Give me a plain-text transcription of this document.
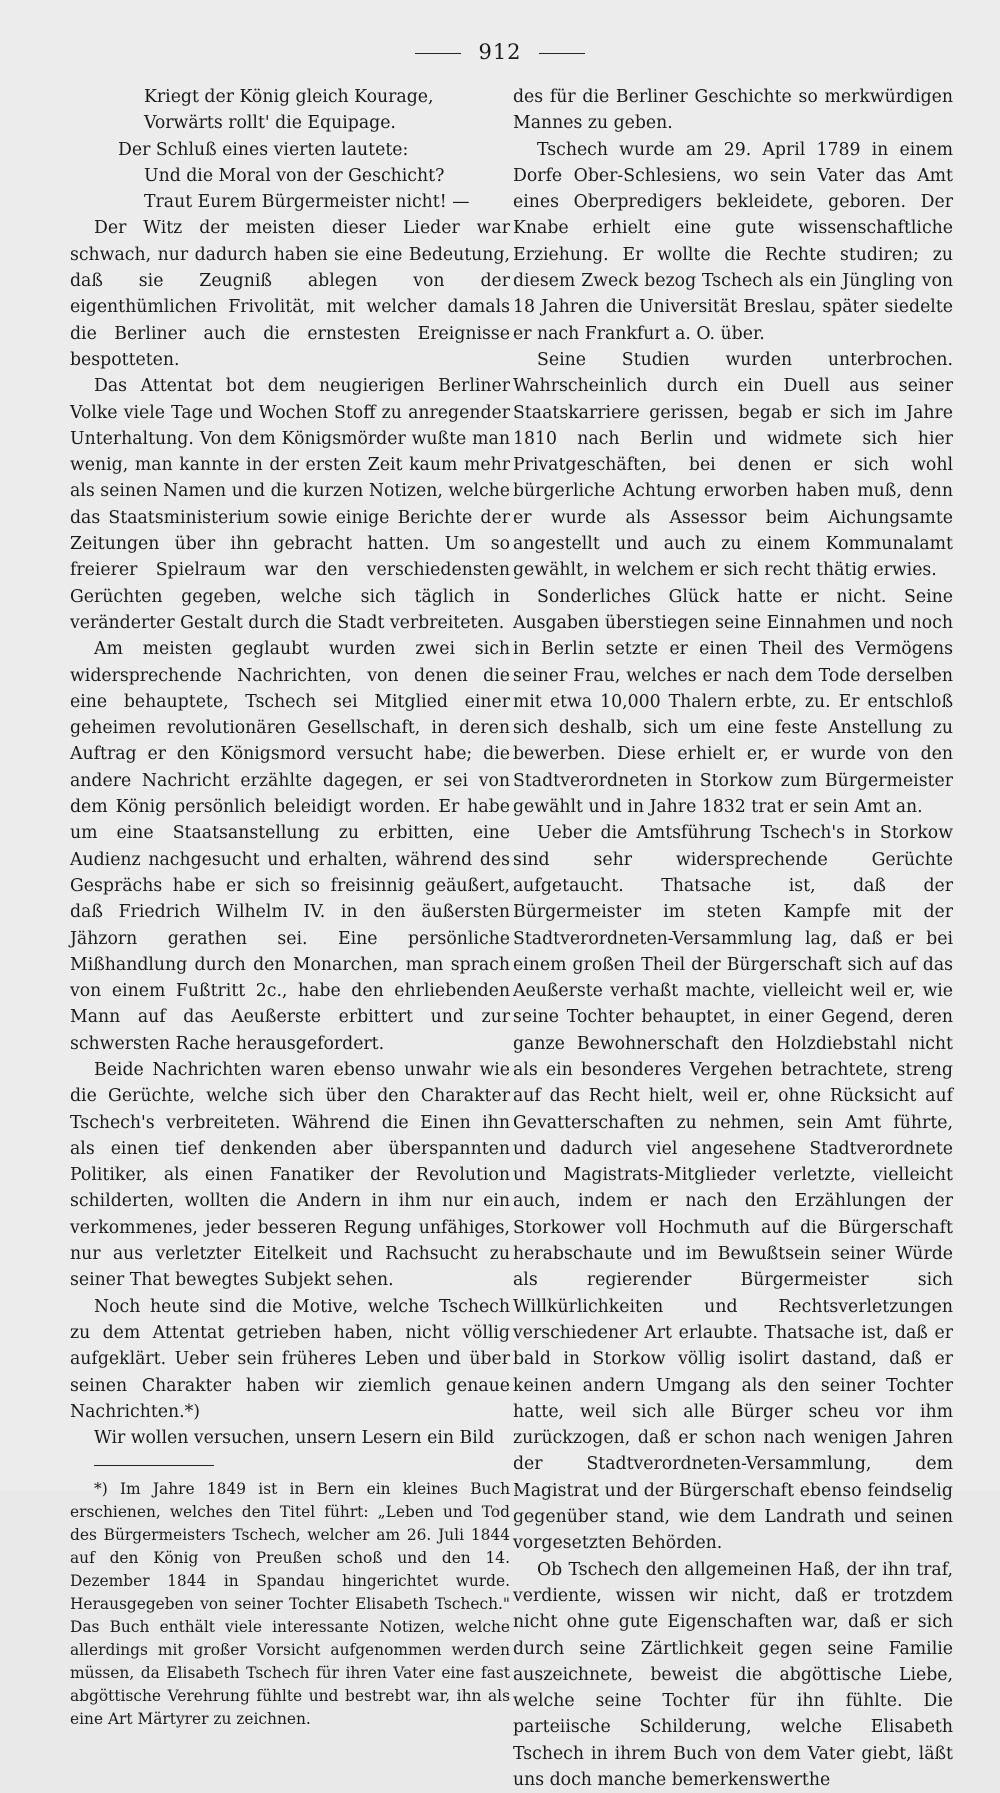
912

Kriegt der König gleich Kourage,

Vorwärts rollt' die Equipage.

Der Schluß eines vierten lautete:

Und die Moral von der Geschicht?

Traut Eurem Bürgermeister nicht! —

Der Witz der meisten dieser Lieder war schwach, nur dadurch haben sie eine Bedeutung, daß sie Zeugniß ablegen von der eigenthümlichen Frivolität, mit welcher damals die Berliner auch die ernstesten Ereignisse bespotteten.

Das Attentat bot dem neugierigen Berliner Volke viele Tage und Wochen Stoff zu anregender Unterhaltung. Von dem Königsmörder wußte man wenig, man kannte in der ersten Zeit kaum mehr als seinen Namen und die kurzen Notizen, welche das Staatsministerium sowie einige Berichte der Zeitungen über ihn gebracht hatten. Um so freierer Spielraum war den verschiedensten Gerüchten gegeben, welche sich täglich in veränderter Gestalt durch die Stadt verbreiteten.

Am meisten geglaubt wurden zwei sich widersprechende Nachrichten, von denen die eine behauptete, Tschech sei Mitglied einer geheimen revolutionären Gesellschaft, in deren Auftrag er den Königsmord versucht habe; die andere Nachricht erzählte dagegen, er sei von dem König persönlich beleidigt worden. Er habe um eine Staatsanstellung zu erbitten, eine Audienz nachgesucht und erhalten, während des Gesprächs habe er sich so freisinnig geäußert, daß Friedrich Wilhelm IV. in den äußersten Jähzorn gerathen sei. Eine persönliche Mißhandlung durch den Monarchen, man sprach von einem Fußtritt 2c., habe den ehrliebenden Mann auf das Aeußerste erbittert und zur schwersten Rache herausgefordert.

Beide Nachrichten waren ebenso unwahr wie die Gerüchte, welche sich über den Charakter Tschech's verbreiteten. Während die Einen ihn als einen tief denkenden aber überspannten Politiker, als einen Fanatiker der Revolution schilderten, wollten die Andern in ihm nur ein verkommenes, jeder besseren Regung unfähiges, nur aus verletzter Eitelkeit und Rachsucht zu seiner That bewegtes Subjekt sehen.

Noch heute sind die Motive, welche Tschech zu dem Attentat getrieben haben, nicht völlig aufgeklärt. Ueber sein früheres Leben und über seinen Charakter haben wir ziemlich genaue Nachrichten.*)

Wir wollen versuchen, unsern Lesern ein Bild

*) Im Jahre 1849 ist in Bern ein kleines Buch erschienen, welches den Titel führt: „Leben und Tod des Bürgermeisters Tschech, welcher am 26. Juli 1844 auf den König von Preußen schoß und den 14. Dezember 1844 in Spandau hingerichtet wurde. Herausgegeben von seiner Tochter Elisabeth Tschech." Das Buch enthält viele interessante Notizen, welche allerdings mit großer Vorsicht aufgenommen werden müssen, da Elisabeth Tschech für ihren Vater eine fast abgöttische Verehrung fühlte und bestrebt war, ihn als eine Art Märtyrer zu zeichnen.

des für die Berliner Geschichte so merkwürdigen Mannes zu geben.

Tschech wurde am 29. April 1789 in einem Dorfe Ober-Schlesiens, wo sein Vater das Amt eines Oberpredigers bekleidete, geboren. Der Knabe erhielt eine gute wissenschaftliche Erziehung. Er wollte die Rechte studiren; zu diesem Zweck bezog Tschech als ein Jüngling von 18 Jahren die Universität Breslau, später siedelte er nach Frankfurt a. O. über.

Seine Studien wurden unterbrochen. Wahrscheinlich durch ein Duell aus seiner Staatskarriere gerissen, begab er sich im Jahre 1810 nach Berlin und widmete sich hier Privatgeschäften, bei denen er sich wohl bürgerliche Achtung erworben haben muß, denn er wurde als Assessor beim Aichungsamte angestellt und auch zu einem Kommunalamt gewählt, in welchem er sich recht thätig erwies.

Sonderliches Glück hatte er nicht. Seine Ausgaben überstiegen seine Einnahmen und noch in Berlin setzte er einen Theil des Vermögens seiner Frau, welches er nach dem Tode derselben mit etwa 10,000 Thalern erbte, zu. Er entschloß sich deshalb, sich um eine feste Anstellung zu bewerben. Diese erhielt er, er wurde von den Stadtverordneten in Storkow zum Bürgermeister gewählt und in Jahre 1832 trat er sein Amt an.

Ueber die Amtsführung Tschech's in Storkow sind sehr widersprechende Gerüchte aufgetaucht. Thatsache ist, daß der Bürgermeister im steten Kampfe mit der Stadtverordneten-Versammlung lag, daß er bei einem großen Theil der Bürgerschaft sich auf das Aeußerste verhaßt machte, vielleicht weil er, wie seine Tochter behauptet, in einer Gegend, deren ganze Bewohnerschaft den Holzdiebstahl nicht als ein besonderes Vergehen betrachtete, streng auf das Recht hielt, weil er, ohne Rücksicht auf Gevatterschaften zu nehmen, sein Amt führte, und dadurch viel angesehene Stadtverordnete und Magistrats-Mitglieder verletzte, vielleicht auch, indem er nach den Erzählungen der Storkower voll Hochmuth auf die Bürgerschaft herabschaute und im Bewußtsein seiner Würde als regierender Bürgermeister sich Willkürlichkeiten und Rechtsverletzungen verschiedener Art erlaubte. Thatsache ist, daß er bald in Storkow völlig isolirt dastand, daß er keinen andern Umgang als den seiner Tochter hatte, weil sich alle Bürger scheu vor ihm zurückzogen, daß er schon nach wenigen Jahren der Stadtverordneten-Versammlung, dem Magistrat und der Bürgerschaft ebenso feindselig gegenüber stand, wie dem Landrath und seinen vorgesetzten Behörden.

Ob Tschech den allgemeinen Haß, der ihn traf, verdiente, wissen wir nicht, daß er trotzdem nicht ohne gute Eigenschaften war, daß er sich durch seine Zärtlichkeit gegen seine Familie auszeichnete, beweist die abgöttische Liebe, welche seine Tochter für ihn fühlte. Die parteiische Schilderung, welche Elisabeth Tschech in ihrem Buch von dem Vater giebt, läßt uns doch manche bemerkenswerthe
